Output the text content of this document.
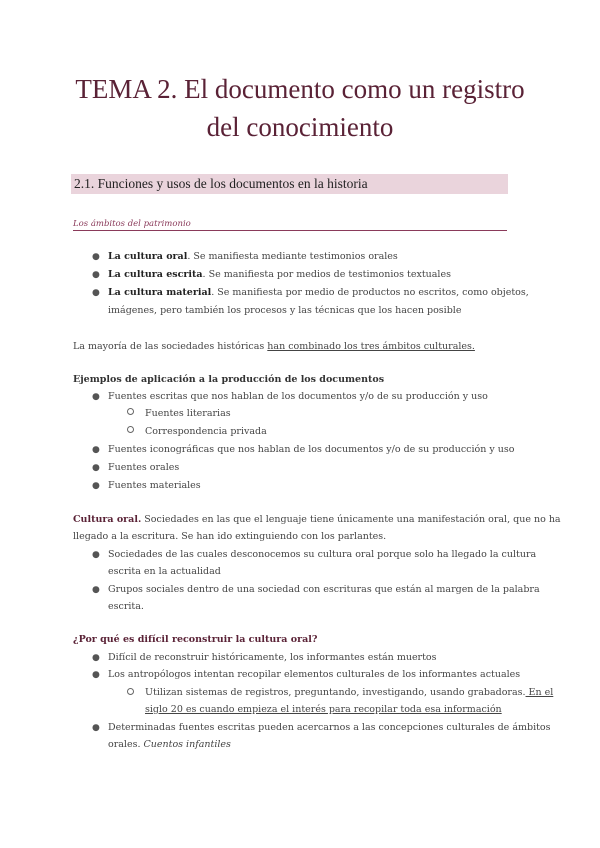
TEMA 2. El documento como un registro
del conocimiento
2.1. Funciones y usos de los documentos en la historia
Los ámbitos del patrimonio
● La cultura oral. Se manifiesta mediante testimonios orales
● La cultura escrita. Se manifiesta por medios de testimonios textuales
● La cultura material. Se manifiesta por medio de productos no escritos, como objetos,
imágenes, pero también los procesos y las técnicas que los hacen posible
La mayoría de las sociedades históricas han combinado los tres ámbitos culturales.
Ejemplos de aplicación a la producción de los documentos
● Fuentes escritas que nos hablan de los documentos y/o de su producción y uso
Fuentes literarias
Correspondencia privada
● Fuentes iconográficas que nos hablan de los documentos y/o de su producción y uso
● Fuentes orales
● Fuentes materiales
Cultura oral. Sociedades en las que el lenguaje tiene únicamente una manifestación oral, que no ha
llegado a la escritura. Se han ido extinguiendo con los parlantes.
● Sociedades de las cuales desconocemos su cultura oral porque solo ha llegado la cultura
escrita en la actualidad
● Grupos sociales dentro de una sociedad con escrituras que están al margen de la palabra
escrita.
¿Por qué es difícil reconstruir la cultura oral?
● Difícil de reconstruir históricamente, los informantes están muertos
● Los antropólogos intentan recopilar elementos culturales de los informantes actuales
Utilizan sistemas de registros, preguntando, investigando, usando grabadoras. En el
siglo 20 es cuando empieza el interés para recopilar toda esa información
● Determinadas fuentes escritas pueden acercarnos a las concepciones culturales de ámbitos
orales. Cuentos infantiles
